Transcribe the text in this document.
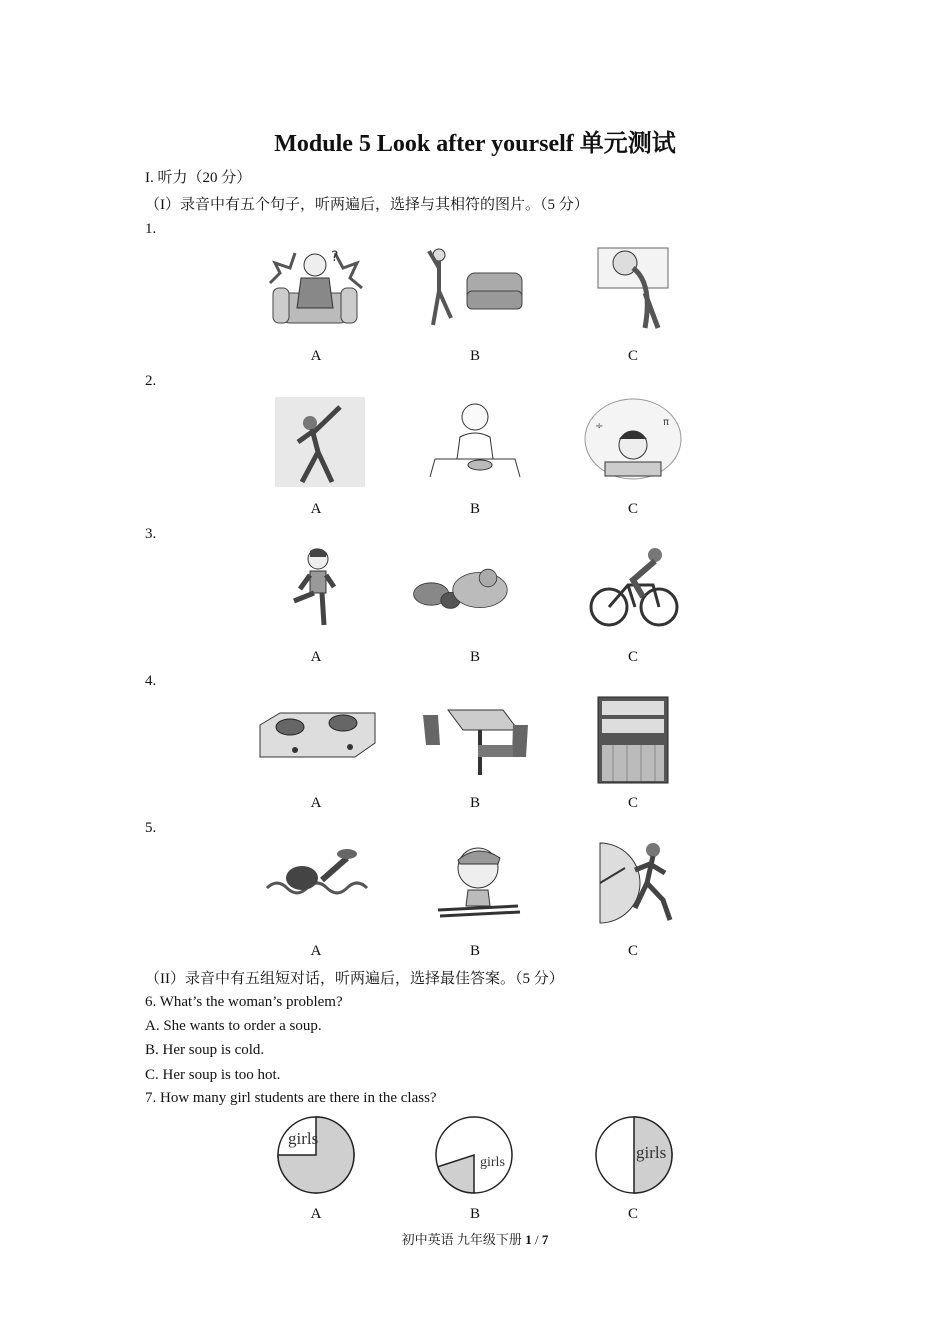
Module 5 Look after yourself 单元测试
I. 听力（20 分）
（I）录音中有五个句子，听两遍后，选择与其相符的图片。（5 分）
1.
?
A	B	C
2.
÷	π
A	B	C
3.
A	B	C
4.
A	B	C
5.
A	B	C
（II）录音中有五组短对话，听两遍后，选择最佳答案。（5 分）
6. What’s the woman’s problem?
A. She wants to order a soup.
B. Her soup is cold.
C. Her soup is too hot.
7. How many girl students are there in the class?
girls
girls
girls
A	B	C
初中英语 九年级下册 1 / 7
